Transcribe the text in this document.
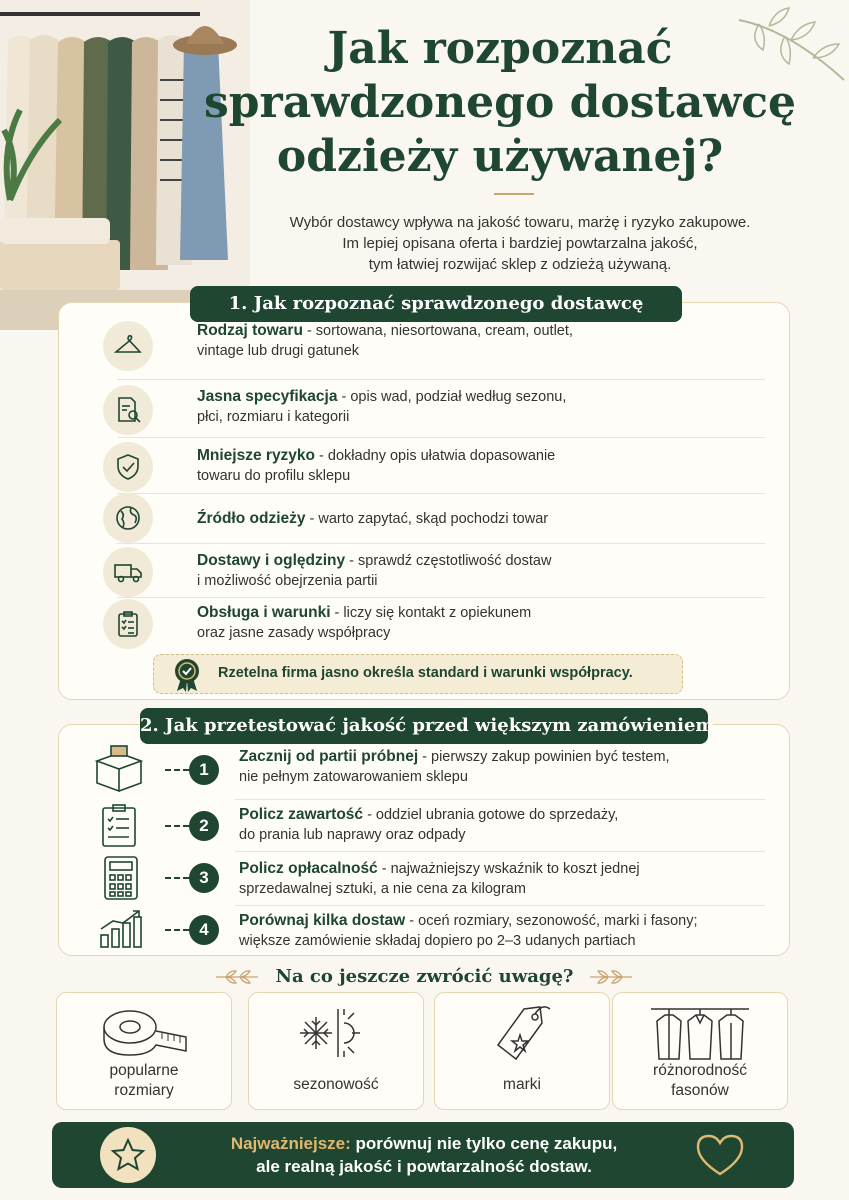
Jak rozpoznać
sprawdzonego dostawcę
odzieży używanej?
Wybór dostawcy wpływa na jakość towaru, marżę i ryzyko zakupowe.
Im lepiej opisana oferta i bardziej powtarzalna jakość,
tym łatwiej rozwijać sklep z odzieżą używaną.
Rodzaj towaru - sortowana, niesortowana, cream, outlet,
vintage lub drugi gatunek
Jasna specyfikacja - opis wad, podział według sezonu,
płci, rozmiaru i kategorii
Mniejsze ryzyko - dokładny opis ułatwia dopasowanie
towaru do profilu sklepu
Źródło odzieży - warto zapytać, skąd pochodzi towar
Dostawy i oględziny - sprawdź częstotliwość dostaw
i możliwość obejrzenia partii
Obsługa i warunki - liczy się kontakt z opiekunem
oraz jasne zasady współpracy
1. Jak rozpoznać sprawdzonego dostawcę
Rzetelna firma jasno określa standard i warunki współpracy.
1
Zacznij od partii próbnej - pierwszy zakup powinien być testem,
nie pełnym zatowarowaniem sklepu
2
Policz zawartość - oddziel ubrania gotowe do sprzedaży,
do prania lub naprawy oraz odpady
3	Policz opłacalność - najważniejszy wskaźnik to koszt jednej
sprzedawalnej sztuki, a nie cena za kilogram
4	Porównaj kilka dostaw - oceń rozmiary, sezonowość, marki i fasony;
większe zamówienie składaj dopiero po 2–3 udanych partiach
2. Jak przetestować jakość przed większym zamówieniem
Na co jeszcze zwrócić uwagę?
popularne
rozmiary	sezonowość	marki
różnorodność
fasonów
Najważniejsze: porównuj nie tylko cenę zakupu,
ale realną jakość i powtarzalność dostaw.
